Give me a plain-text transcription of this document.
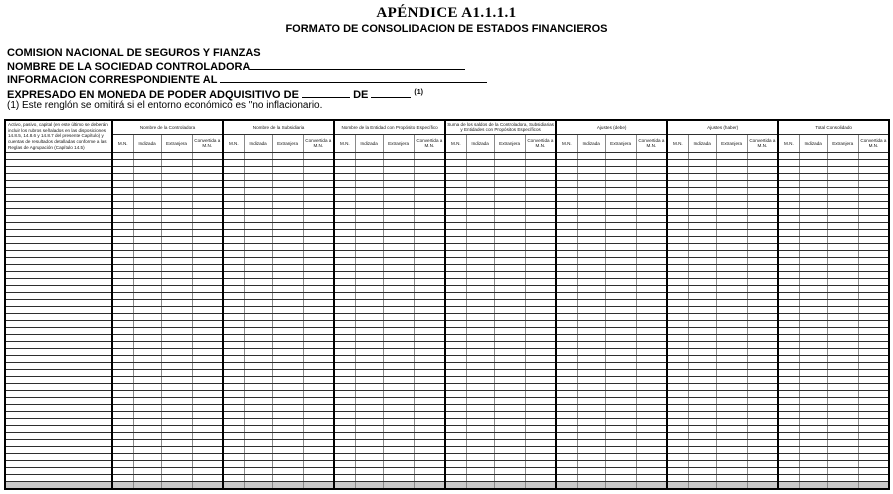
APÉNDICE A1.1.1.1
FORMATO DE CONSOLIDACION DE ESTADOS FINANCIEROS
COMISION NACIONAL DE SEGUROS Y FIANZAS
NOMBRE DE LA SOCIEDAD CONTROLADORA
INFORMACION CORRESPONDIENTE AL
EXPRESADO EN MONEDA DE PODER ADQUISITIVO DE	DE	$^{(1)}$
(1) Este renglón se omitirá si el entorno económico es "no inflacionario.
Activo, pasivo, capital (en este último se deberán incluir los rubros señalados en las disposiciones 14.8.5, 14.8.6 y 14.8.7 del presente Capítulo) y cuentas de resultados detalladas conforme a las Reglas de Agrupación (Capítulo 14.5)	Nombre de la Controladora				Nombre de la Subsidiaria				Nombre de la Entidad con Propósito Específico				Suma de los saldos de la Controladora, Subsidiarias y Entidades con Propósitos Específicos				Ajustes (debe)				Ajustes (haber)				Total Consolidado			
	M.N.	Indizada	Extranjera	Convertida a M.N.	M.N.	Indizada	Extranjera	Convertida a M.N.	M.N.	Indizada	Extranjera	Convertida a M.N.	M.N.	Indizada	Extranjera	Convertida a M.N.	M.N.	Indizada	Extranjera	Convertida a M.N.	M.N.	Indizada	Extranjera	Convertida a M.N.	M.N.	Indizada	Extranjera	Convertida a M.N.
